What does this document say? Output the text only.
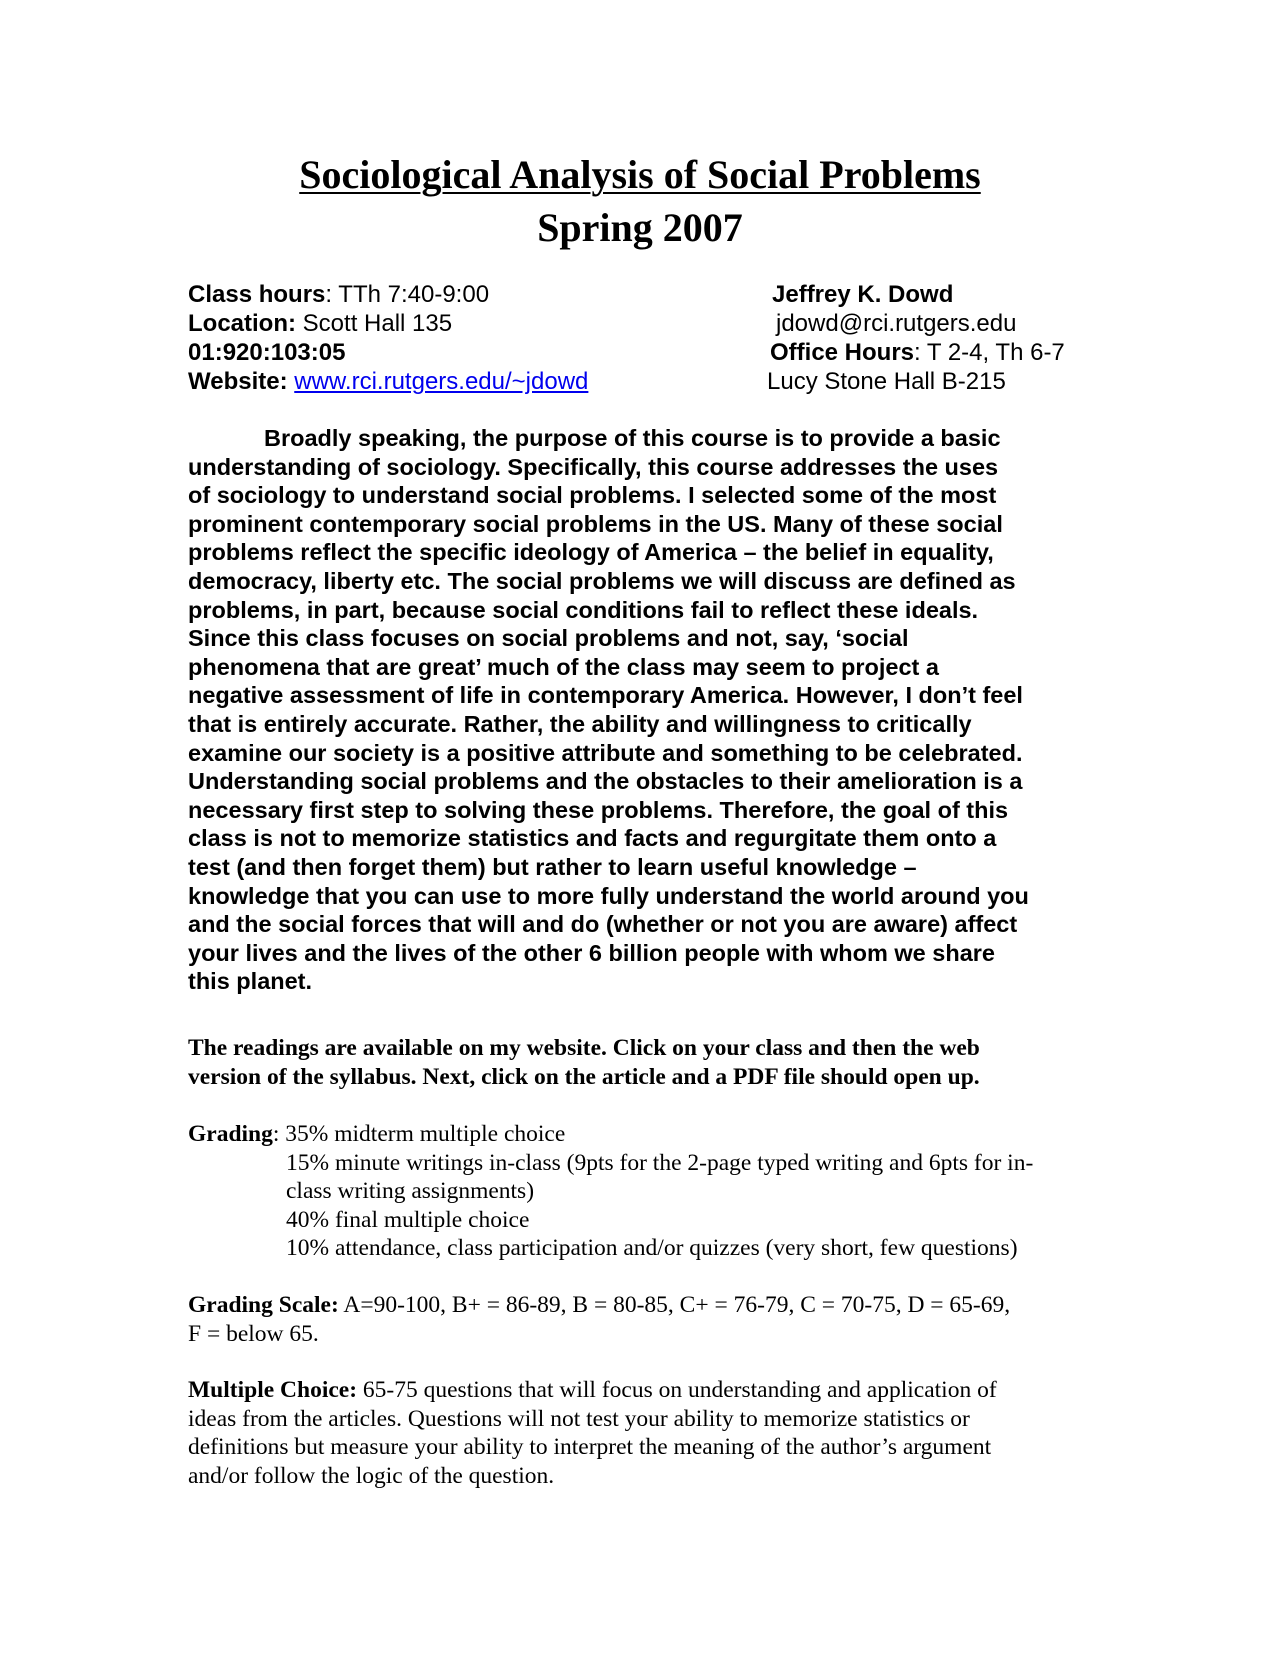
Sociological Analysis of Social Problems
Spring 2007
Class hours: TTh 7:40-9:00
Location: Scott Hall 135
01:920:103:05
Website: www.rci.rutgers.edu/~jdowd
Jeffrey K. Dowd
jdowd@rci.rutgers.edu
Office Hours: T 2-4, Th 6-7
Lucy Stone Hall B-215
Broadly speaking, the purpose of this course is to provide a basic
understanding of sociology. Specifically, this course addresses the uses
of sociology to understand social problems. I selected some of the most
prominent contemporary social problems in the US. Many of these social
problems reflect the specific ideology of America – the belief in equality,
democracy, liberty etc. The social problems we will discuss are defined as
problems, in part, because social conditions fail to reflect these ideals.
Since this class focuses on social problems and not, say, ‘social
phenomena that are great’ much of the class may seem to project a
negative assessment of life in contemporary America. However, I don’t feel
that is entirely accurate. Rather, the ability and willingness to critically
examine our society is a positive attribute and something to be celebrated.
Understanding social problems and the obstacles to their amelioration is a
necessary first step to solving these problems. Therefore, the goal of this
class is not to memorize statistics and facts and regurgitate them onto a
test (and then forget them) but rather to learn useful knowledge –
knowledge that you can use to more fully understand the world around you
and the social forces that will and do (whether or not you are aware) affect
your lives and the lives of the other 6 billion people with whom we share
this planet.
The readings are available on my website. Click on your class and then the web
version of the syllabus. Next, click on the article and a PDF file should open up.
Grading: 35% midterm multiple choice
15% minute writings in-class (9pts for the 2-page typed writing and 6pts for in-
class writing assignments)
40% final multiple choice
10% attendance, class participation and/or quizzes (very short, few questions)
Grading Scale: A=90-100, B+ = 86-89, B = 80-85, C+ = 76-79, C = 70-75, D = 65-69,
F = below 65.
Multiple Choice: 65-75 questions that will focus on understanding and application of
ideas from the articles. Questions will not test your ability to memorize statistics or
definitions but measure your ability to interpret the meaning of the author’s argument
and/or follow the logic of the question.
